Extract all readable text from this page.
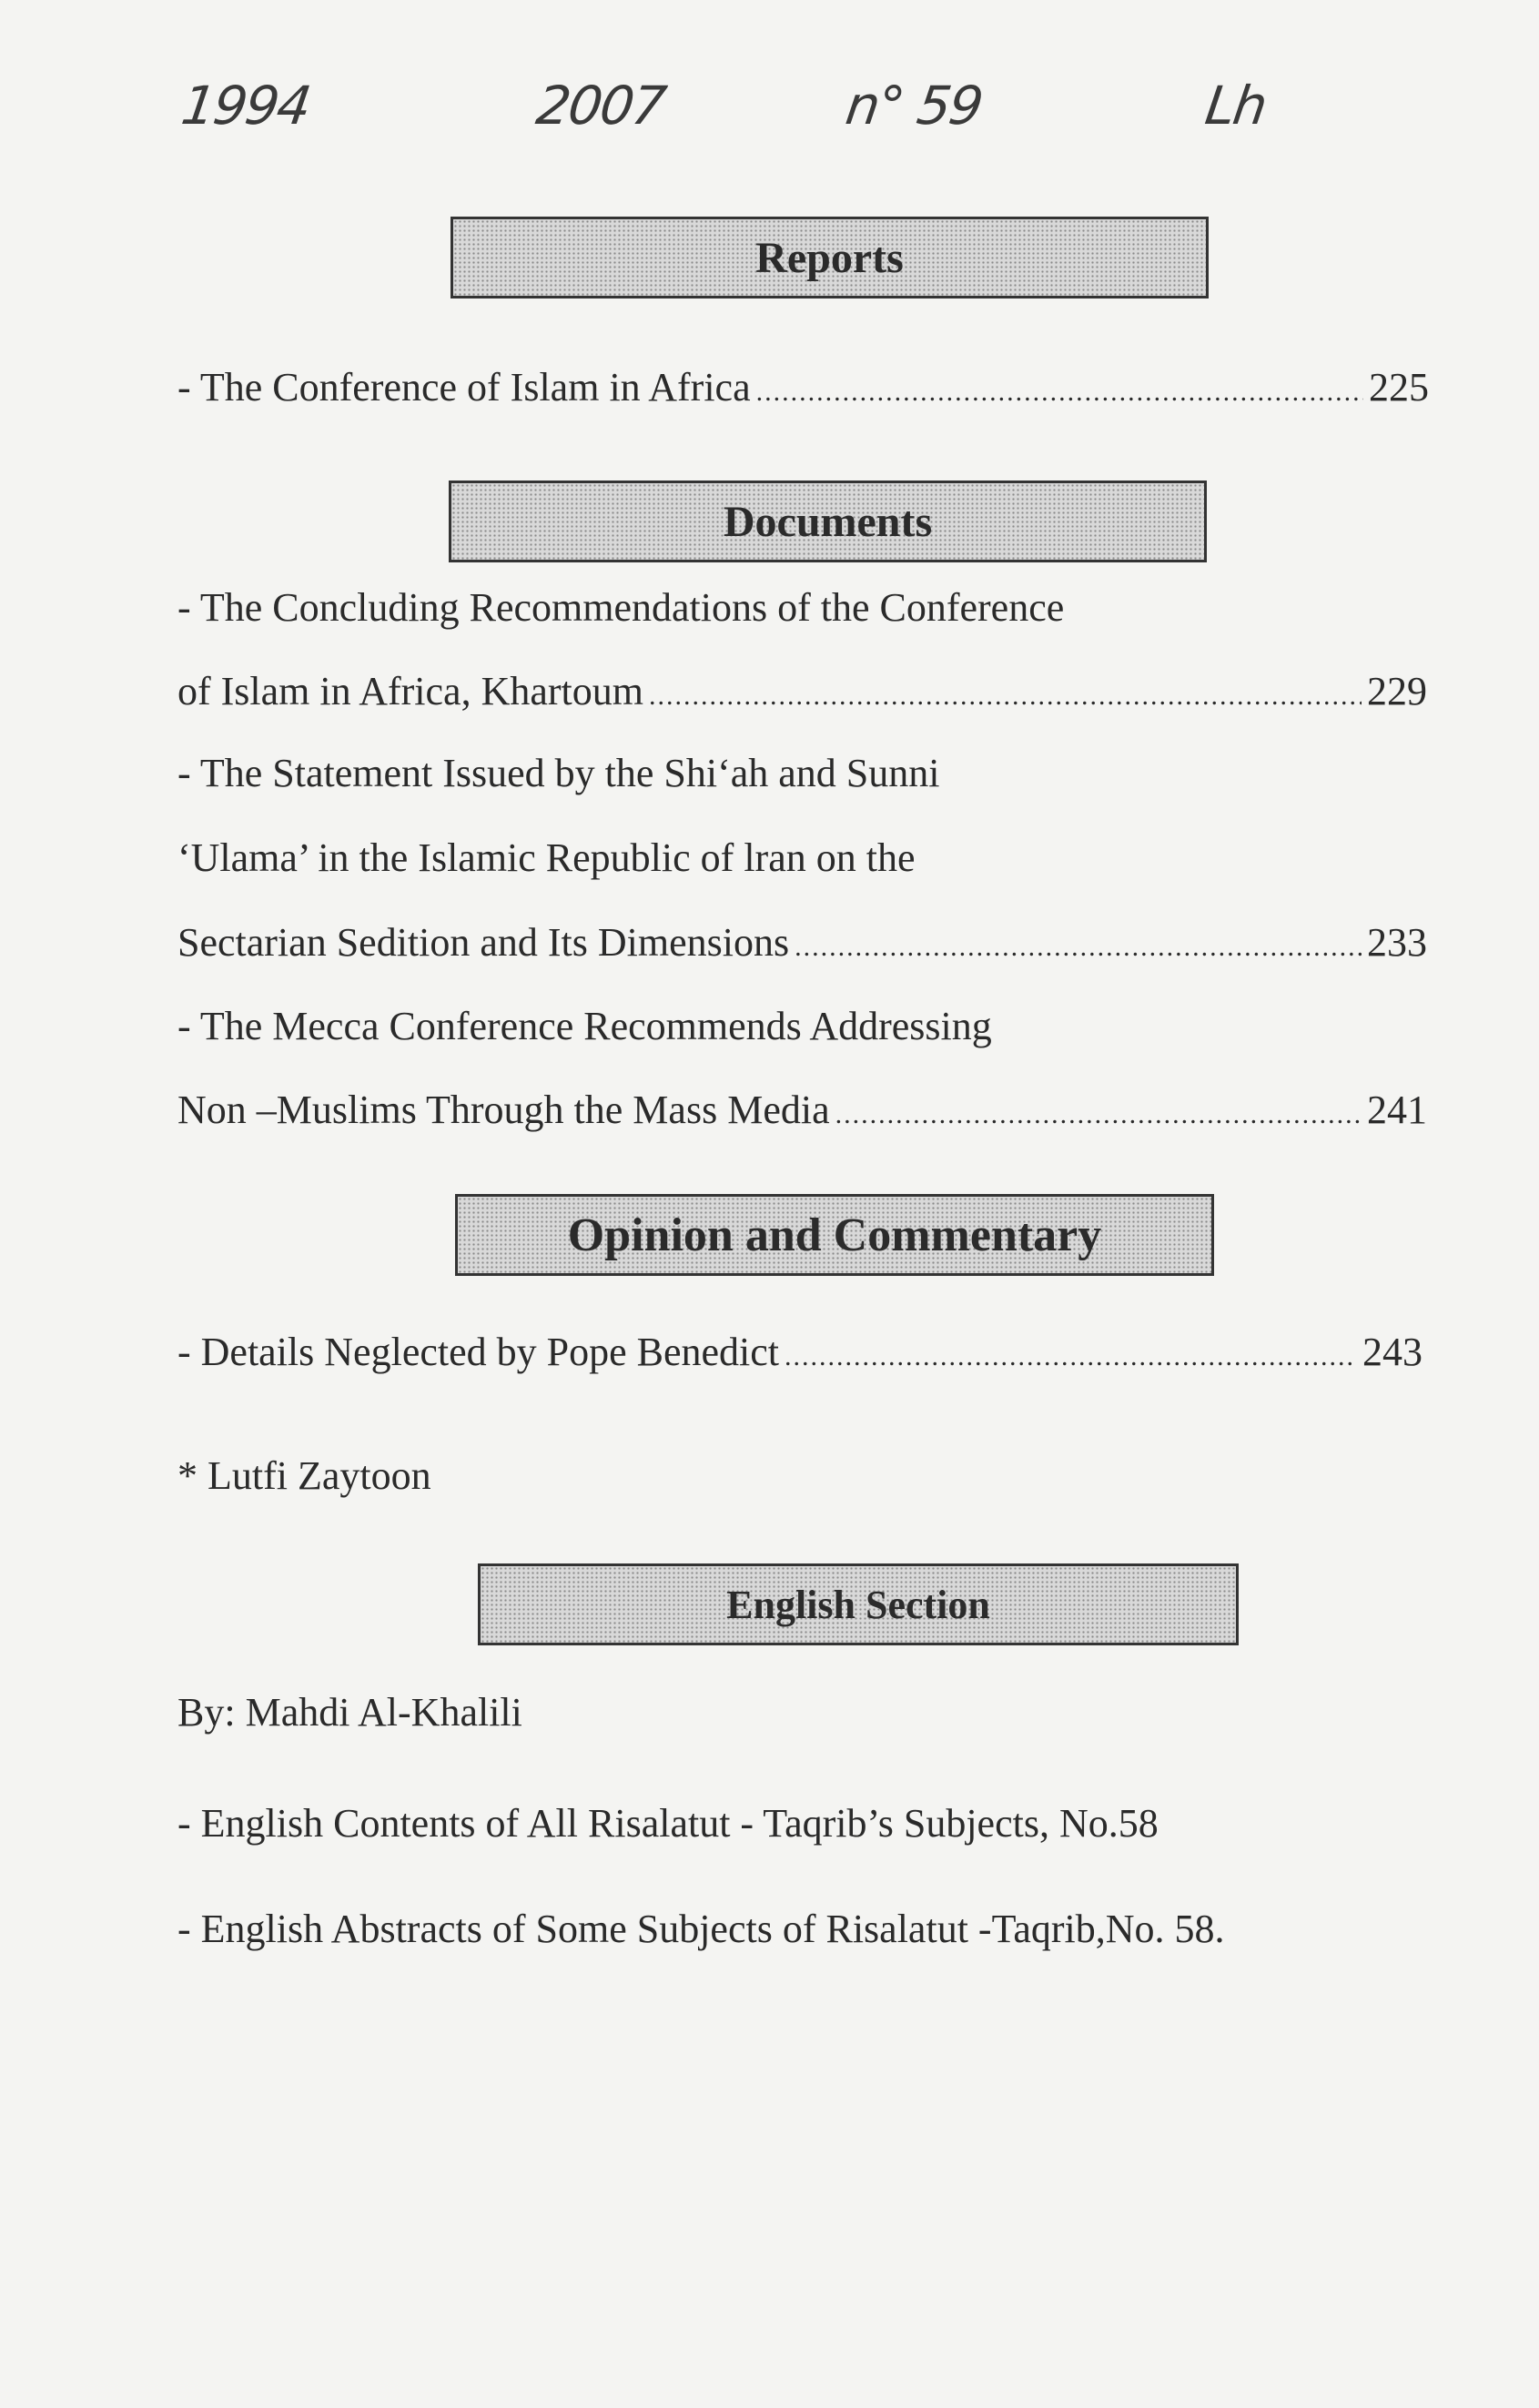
1994	2007	n° 59	Lh
Reports
- The Conference of Islam in Africa .....	225
Documents
- The Concluding Recommendations of the Conference
of Islam in Africa, Khartoum .....	229
- The Statement Issued by the Shi‘ah and Sunni
‘Ulama’ in the Islamic Republic of lran on the
Sectarian Sedition and Its Dimensions .....	233
- The Mecca Conference Recommends Addressing
Non –Muslims Through the Mass Media .....	241
Opinion and Commentary
- Details Neglected by Pope Benedict .....	243
* Lutfi Zaytoon
English Section
By: Mahdi Al-Khalili
- English Contents of All Risalatut - Taqrib’s Subjects, No.58
- English Abstracts of Some Subjects of Risalatut -Taqrib,No. 58.
